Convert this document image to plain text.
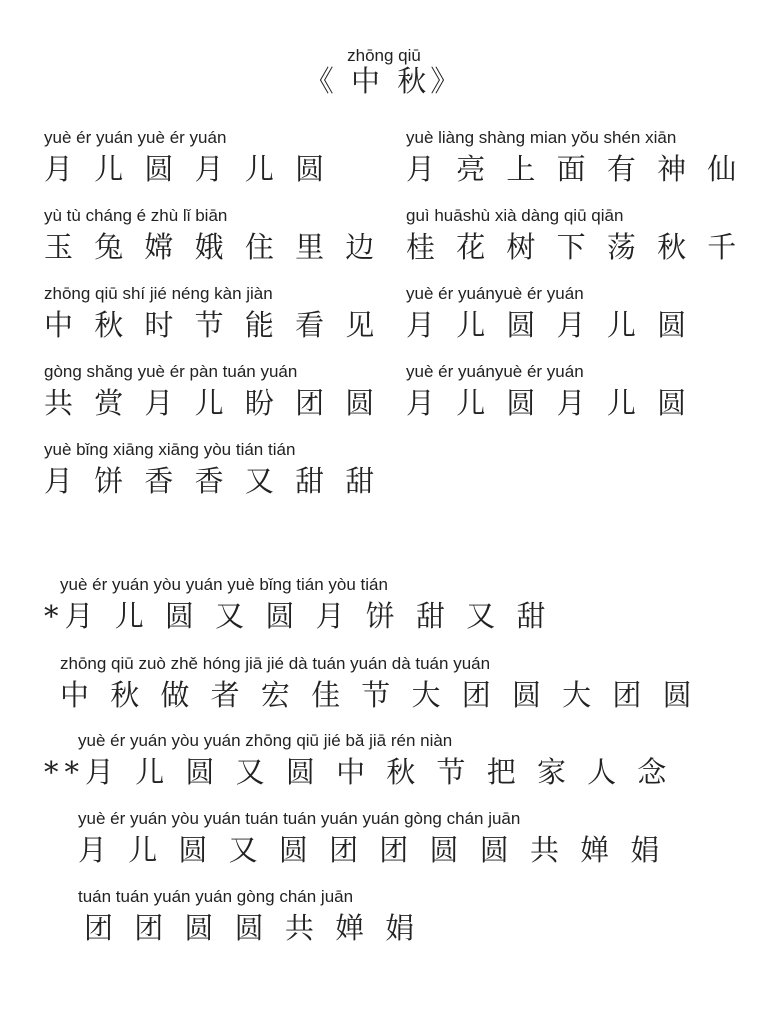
zhōng qiū
《 中 秋》
yuè ér yuán yuè ér yuán
月 儿 圆 月 儿 圆
yù tù cháng é zhù lǐ biān
玉 兔 嫦 娥 住 里 边
zhōng qiū shí jié néng kàn jiàn
中 秋 时 节 能 看 见
gòng shǎng yuè ér pàn tuán yuán
共 赏 月 儿 盼 团 圆
yuè bǐng xiāng xiāng yòu tián tián
月 饼 香 香 又 甜 甜
yuè liàng shàng mian yǒu shén xiān
月 亮 上 面 有 神 仙
guì huāshù xià dàng qiū qiān
桂 花 树 下 荡 秋 千
yuè ér yuányuè ér yuán
月 儿 圆 月 儿 圆
yuè ér yuányuè ér yuán
月 儿 圆 月 儿 圆
yuè ér yuán yòu yuán yuè bǐng tián yòu tián
*月 儿 圆 又 圆 月 饼 甜 又 甜
zhōng qiū zuò zhě hóng jiā jié dà tuán yuán dà tuán yuán
中 秋 做 者 宏 佳 节 大 团 圆 大 团 圆
yuè ér yuán yòu yuán zhōng qiū jié bǎ jiā rén niàn
**月 儿 圆 又 圆 中 秋 节 把 家 人 念
yuè ér yuán yòu yuán tuán tuán yuán yuán gòng chán juān
月 儿 圆 又 圆 团 团 圆 圆 共 婵 娟
tuán tuán yuán yuán gòng chán juān
团 团 圆 圆 共 婵 娟
